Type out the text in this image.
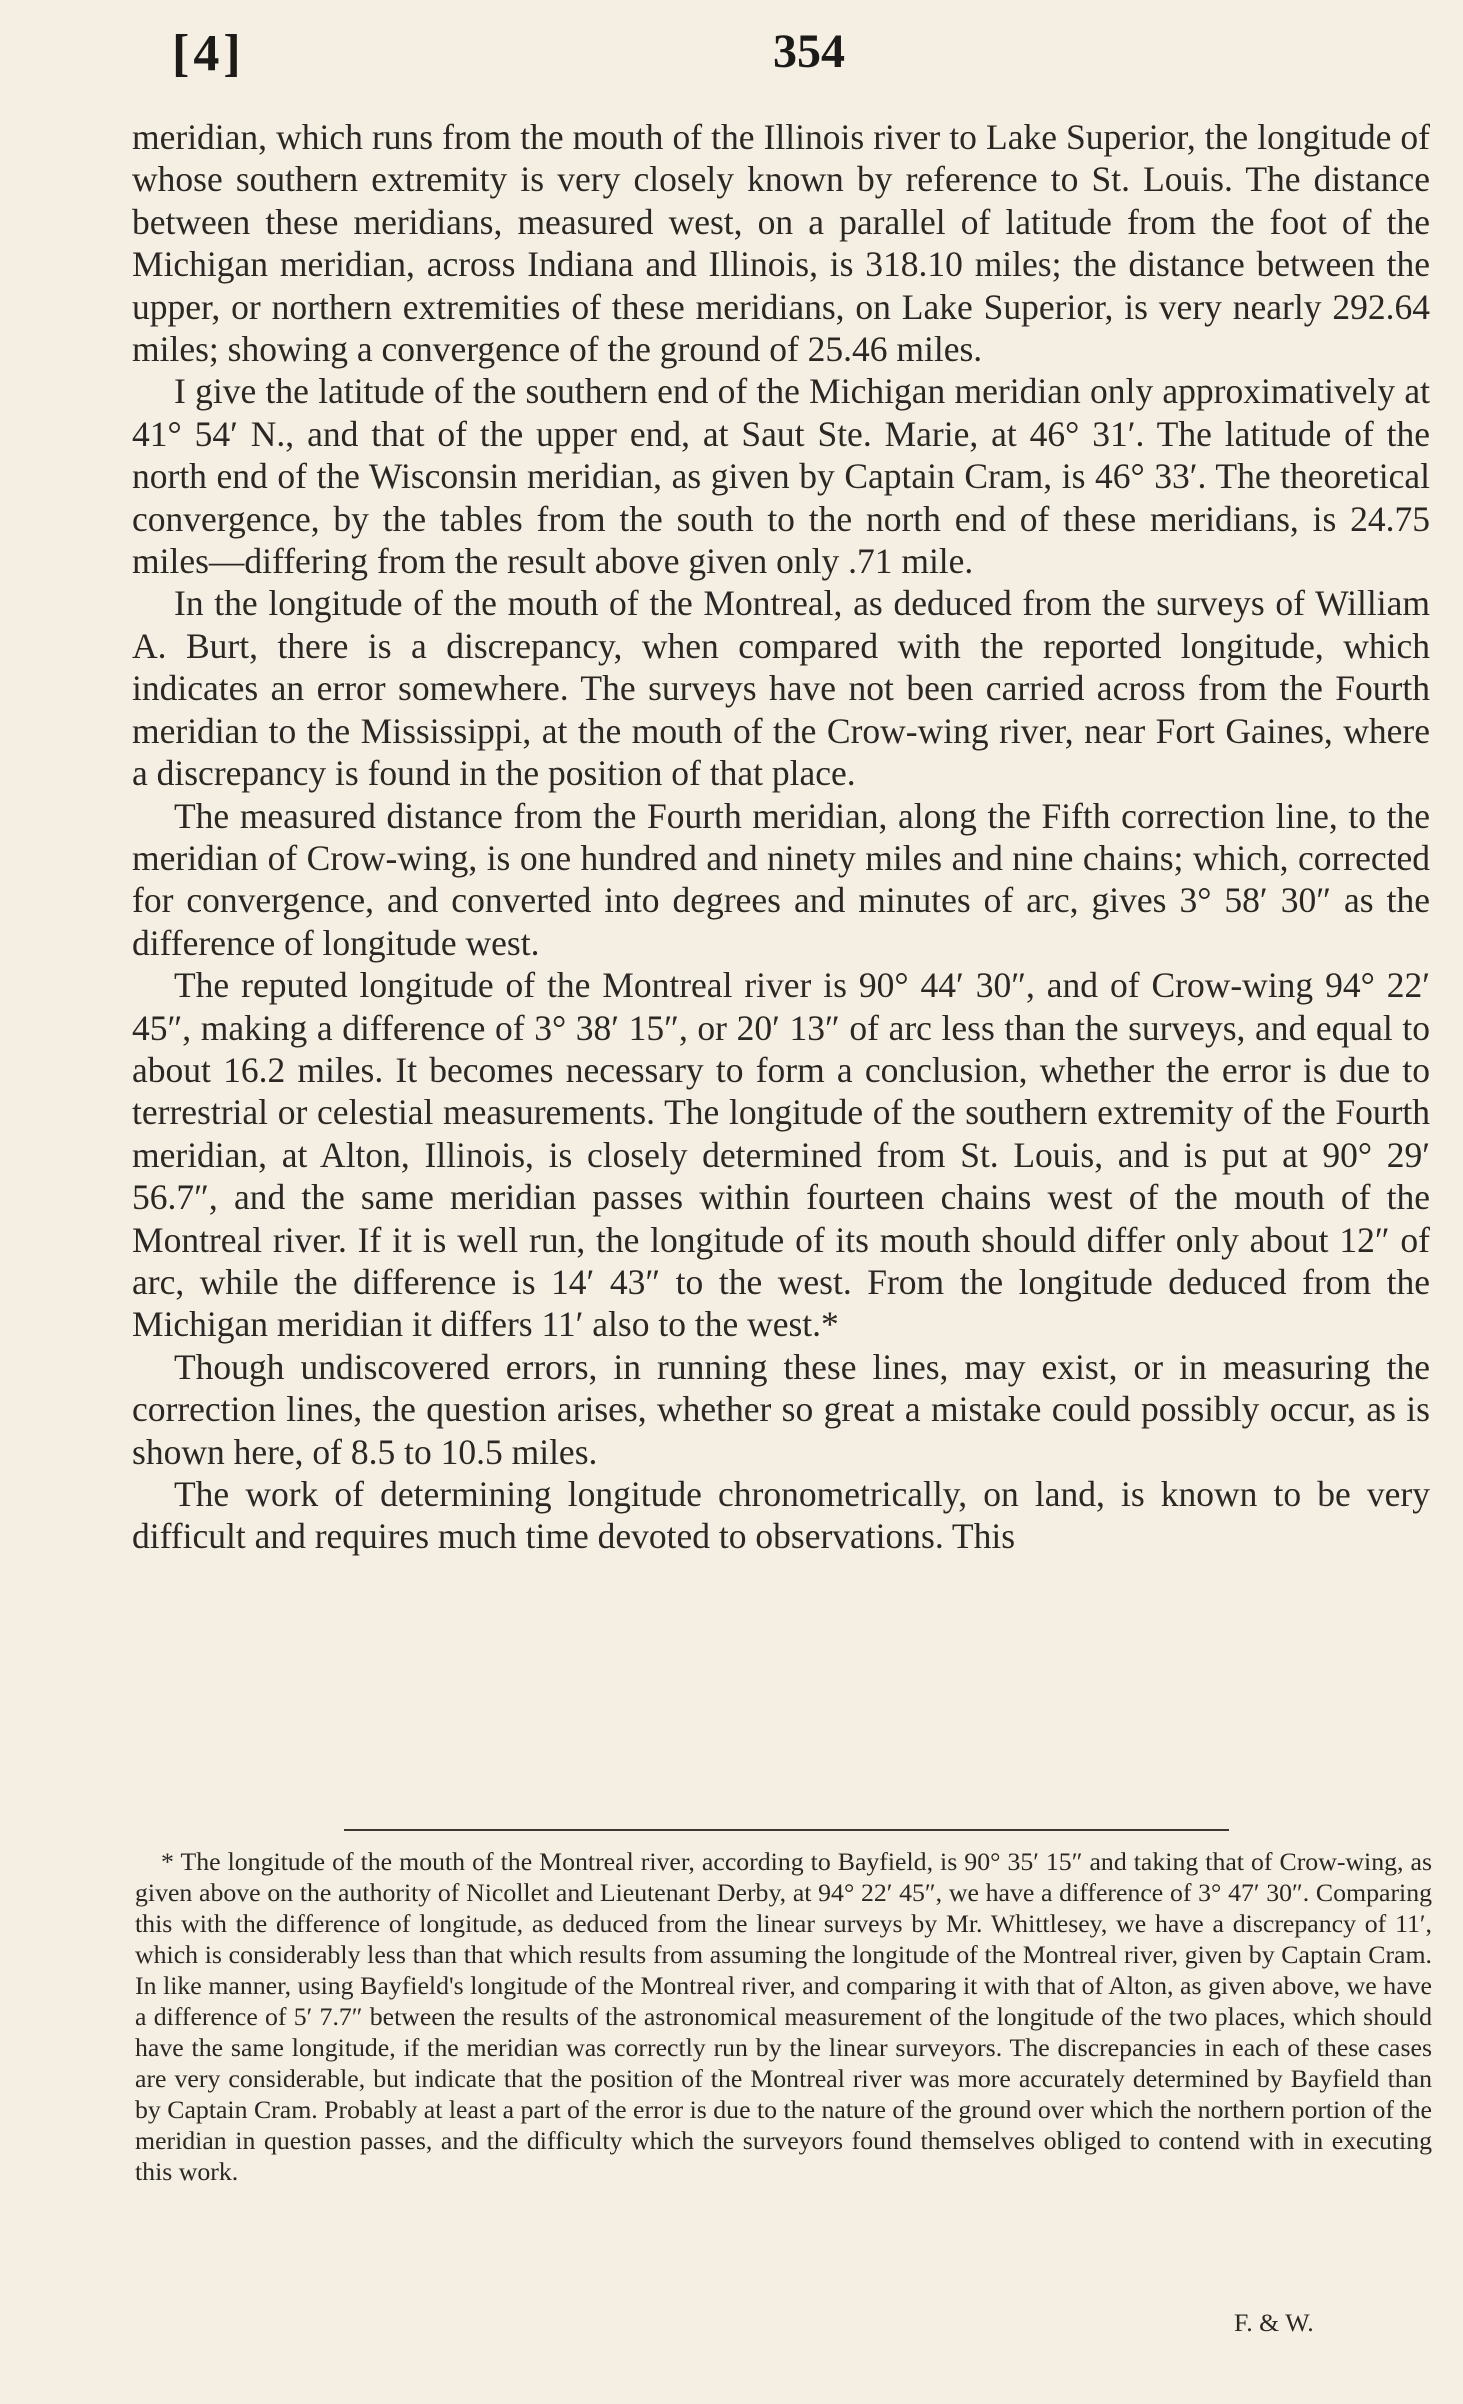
[4]	354

meridian, which runs from the mouth of the Illinois river to Lake Superior, the longitude of whose southern extremity is very closely known by reference to St. Louis. The distance between these meridians, measured west, on a parallel of latitude from the foot of the Michigan meridian, across Indiana and Illinois, is 318.10 miles; the distance between the upper, or northern extremities of these meridians, on Lake Superior, is very nearly 292.64 miles; showing a convergence of the ground of 25.46 miles.

I give the latitude of the southern end of the Michigan meridian only approximatively at 41° 54′ N., and that of the upper end, at Saut Ste. Marie, at 46° 31′. The latitude of the north end of the Wisconsin meridian, as given by Captain Cram, is 46° 33′. The theoretical convergence, by the tables from the south to the north end of these meridians, is 24.75 miles—differing from the result above given only .71 mile.

In the longitude of the mouth of the Montreal, as deduced from the surveys of William A. Burt, there is a discrepancy, when compared with the reported longitude, which indicates an error somewhere. The surveys have not been carried across from the Fourth meridian to the Mississippi, at the mouth of the Crow-wing river, near Fort Gaines, where a discrepancy is found in the position of that place.

The measured distance from the Fourth meridian, along the Fifth correction line, to the meridian of Crow-wing, is one hundred and ninety miles and nine chains; which, corrected for convergence, and converted into degrees and minutes of arc, gives 3° 58′ 30″ as the difference of longitude west.

The reputed longitude of the Montreal river is 90° 44′ 30″, and of Crow-wing 94° 22′ 45″, making a difference of 3° 38′ 15″, or 20′ 13″ of arc less than the surveys, and equal to about 16.2 miles. It becomes necessary to form a conclusion, whether the error is due to terrestrial or celestial measurements. The longitude of the southern extremity of the Fourth meridian, at Alton, Illinois, is closely determined from St. Louis, and is put at 90° 29′ 56.7″, and the same meridian passes within fourteen chains west of the mouth of the Montreal river. If it is well run, the longitude of its mouth should differ only about 12″ of arc, while the difference is 14′ 43″ to the west. From the longitude deduced from the Michigan meridian it differs 11′ also to the west.*

Though undiscovered errors, in running these lines, may exist, or in measuring the correction lines, the question arises, whether so great a mistake could possibly occur, as is shown here, of 8.5 to 10.5 miles.

The work of determining longitude chronometrically, on land, is known to be very difficult and requires much time devoted to observations. This

* The longitude of the mouth of the Montreal river, according to Bayfield, is 90° 35′ 15″ and taking that of Crow-wing, as given above on the authority of Nicollet and Lieutenant Derby, at 94° 22′ 45″, we have a difference of 3° 47′ 30″. Comparing this with the difference of longitude, as deduced from the linear surveys by Mr. Whittlesey, we have a discrepancy of 11′, which is considerably less than that which results from assuming the longitude of the Montreal river, given by Captain Cram. In like manner, using Bayfield's longitude of the Montreal river, and comparing it with that of Alton, as given above, we have a difference of 5′ 7.7″ between the results of the astronomical measurement of the longitude of the two places, which should have the same longitude, if the meridian was correctly run by the linear surveyors. The discrepancies in each of these cases are very considerable, but indicate that the position of the Montreal river was more accurately determined by Bayfield than by Captain Cram. Probably at least a part of the error is due to the nature of the ground over which the northern portion of the meridian in question passes, and the difficulty which the surveyors found themselves obliged to contend with in executing this work.

F. & W.
